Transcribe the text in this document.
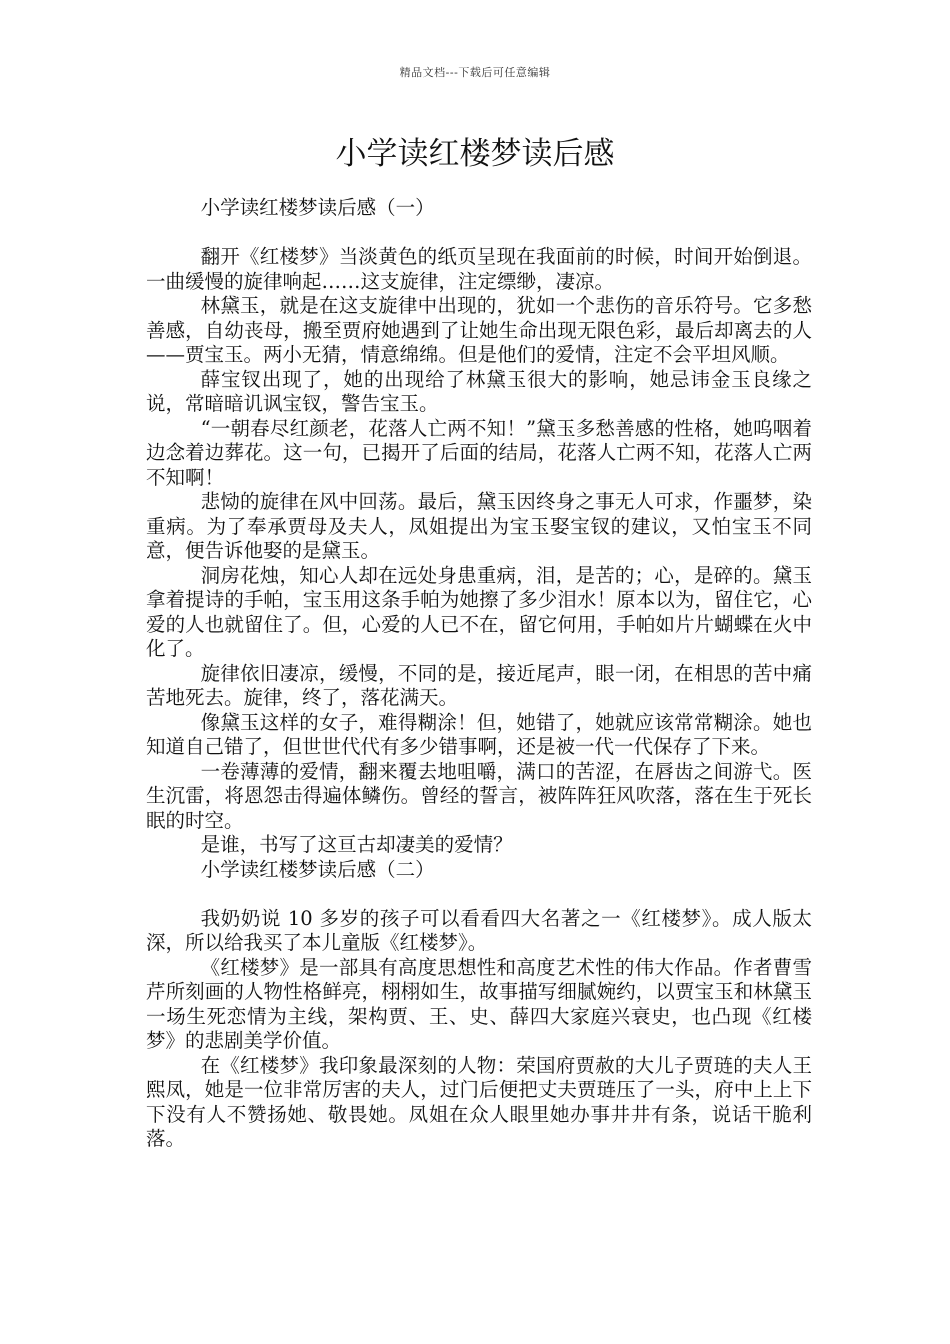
精品文档---下载后可任意编辑
小学读红楼梦读后感

小学读红楼梦读后感（一）

翻开《红楼梦》当淡黄色的纸页呈现在我面前的时候，时间开始倒退。一曲缓慢的旋律响起……这支旋律，注定缥缈，凄凉。

林黛玉，就是在这支旋律中出现的，犹如一个悲伤的音乐符号。它多愁善感，自幼丧母，搬至贾府她遇到了让她生命出现无限色彩，最后却离去的人——贾宝玉。两小无猜，情意绵绵。但是他们的爱情，注定不会平坦风顺。

薛宝钗出现了，她的出现给了林黛玉很大的影响，她忌讳金玉良缘之说，常暗暗讥讽宝钗，警告宝玉。

“一朝春尽红颜老，花落人亡两不知！”黛玉多愁善感的性格，她呜咽着边念着边葬花。这一句，已揭开了后面的结局，花落人亡两不知，花落人亡两不知啊！

悲恸的旋律在风中回荡。最后，黛玉因终身之事无人可求，作噩梦，染重病。为了奉承贾母及夫人，凤姐提出为宝玉娶宝钗的建议，又怕宝玉不同意，便告诉他娶的是黛玉。

洞房花烛，知心人却在远处身患重病，泪，是苦的；心，是碎的。黛玉拿着提诗的手帕，宝玉用这条手帕为她擦了多少泪水！原本以为，留住它，心爱的人也就留住了。但，心爱的人已不在，留它何用，手帕如片片蝴蝶在火中化了。

旋律依旧凄凉，缓慢，不同的是，接近尾声，眼一闭，在相思的苦中痛苦地死去。旋律，终了，落花满天。

像黛玉这样的女子，难得糊涂！但，她错了，她就应该常常糊涂。她也知道自己错了，但世世代代有多少错事啊，还是被一代一代保存了下来。

一卷薄薄的爱情，翻来覆去地咀嚼，满口的苦涩，在唇齿之间游弋。医生沉雷，将恩怨击得遍体鳞伤。曾经的誓言，被阵阵狂风吹落，落在生于死长眠的时空。

是谁，书写了这亘古却凄美的爱情？

小学读红楼梦读后感（二）

我奶奶说 10 多岁的孩子可以看看四大名著之一《红楼梦》。成人版太深，所以给我买了本儿童版《红楼梦》。

《红楼梦》是一部具有高度思想性和高度艺术性的伟大作品。作者曹雪芹所刻画的人物性格鲜亮，栩栩如生，故事描写细腻婉约，以贾宝玉和林黛玉一场生死恋情为主线，架构贾、王、史、薛四大家庭兴衰史，也凸现《红楼梦》的悲剧美学价值。

在《红楼梦》我印象最深刻的人物：荣国府贾赦的大儿子贾琏的夫人王熙凤，她是一位非常厉害的夫人，过门后便把丈夫贾琏压了一头，府中上上下下没有人不赞扬她、敬畏她。凤姐在众人眼里她办事井井有条，说话干脆利落。
